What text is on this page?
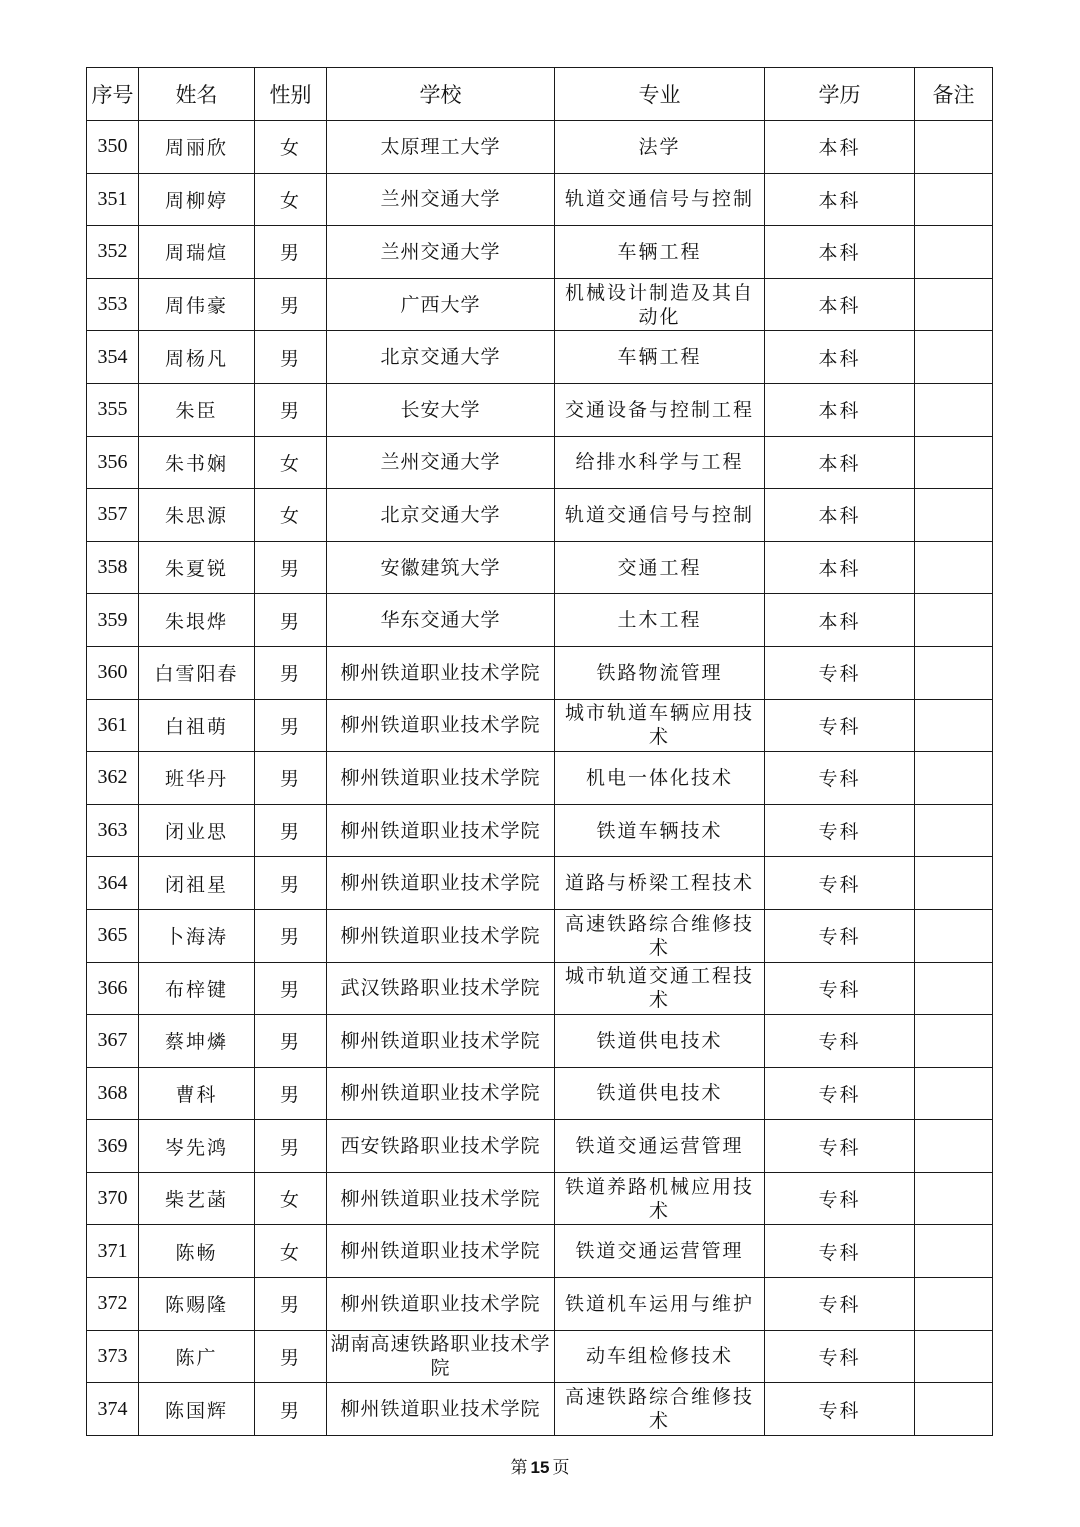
序号	姓名	性别	学校	专业	学历	备注
350	周丽欣	女	太原理工大学	法学	本科	
351	周柳婷	女	兰州交通大学	轨道交通信号与控制	本科	
352	周瑞煊	男	兰州交通大学	车辆工程	本科	
353	周伟豪	男	广西大学	机械设计制造及其自动化	本科	
354	周杨凡	男	北京交通大学	车辆工程	本科	
355	朱臣	男	长安大学	交通设备与控制工程	本科	
356	朱书娴	女	兰州交通大学	给排水科学与工程	本科	
357	朱思源	女	北京交通大学	轨道交通信号与控制	本科	
358	朱夏锐	男	安徽建筑大学	交通工程	本科	
359	朱垠烨	男	华东交通大学	土木工程	本科	
360	白雪阳春	男	柳州铁道职业技术学院	铁路物流管理	专科	
361	白祖萌	男	柳州铁道职业技术学院	城市轨道车辆应用技术	专科	
362	班华丹	男	柳州铁道职业技术学院	机电一体化技术	专科	
363	闭业思	男	柳州铁道职业技术学院	铁道车辆技术	专科	
364	闭祖星	男	柳州铁道职业技术学院	道路与桥梁工程技术	专科	
365	卜海涛	男	柳州铁道职业技术学院	高速铁路综合维修技术	专科	
366	布梓键	男	武汉铁路职业技术学院	城市轨道交通工程技术	专科	
367	蔡坤燐	男	柳州铁道职业技术学院	铁道供电技术	专科	
368	曹科	男	柳州铁道职业技术学院	铁道供电技术	专科	
369	岑先鸿	男	西安铁路职业技术学院	铁道交通运营管理	专科	
370	柴艺菡	女	柳州铁道职业技术学院	铁道养路机械应用技术	专科	
371	陈畅	女	柳州铁道职业技术学院	铁道交通运营管理	专科	
372	陈赐隆	男	柳州铁道职业技术学院	铁道机车运用与维护	专科	
373	陈广	男	湖南高速铁路职业技术学院	动车组检修技术	专科	
374	陈国辉	男	柳州铁道职业技术学院	高速铁路综合维修技术	专科	
第 15 页
